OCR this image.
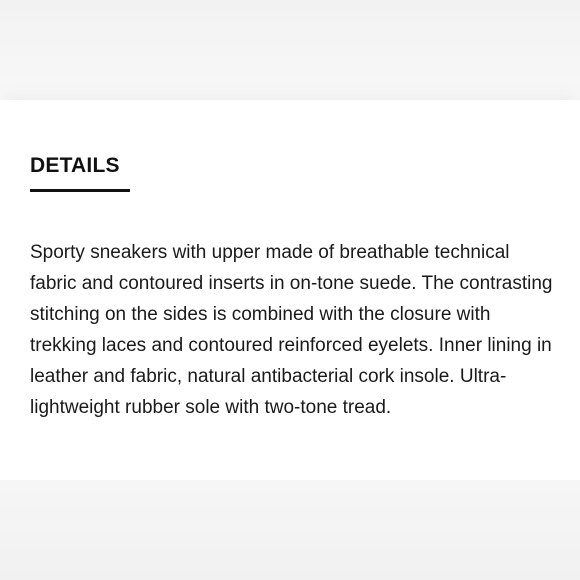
DETAILS

Sporty sneakers with upper made of breathable technical fabric and contoured inserts in on-tone suede. The contrasting stitching on the sides is combined with the closure with trekking laces and contoured reinforced eyelets. Inner lining in leather and fabric, natural antibacterial cork insole. Ultra-lightweight rubber sole with two-tone tread.
